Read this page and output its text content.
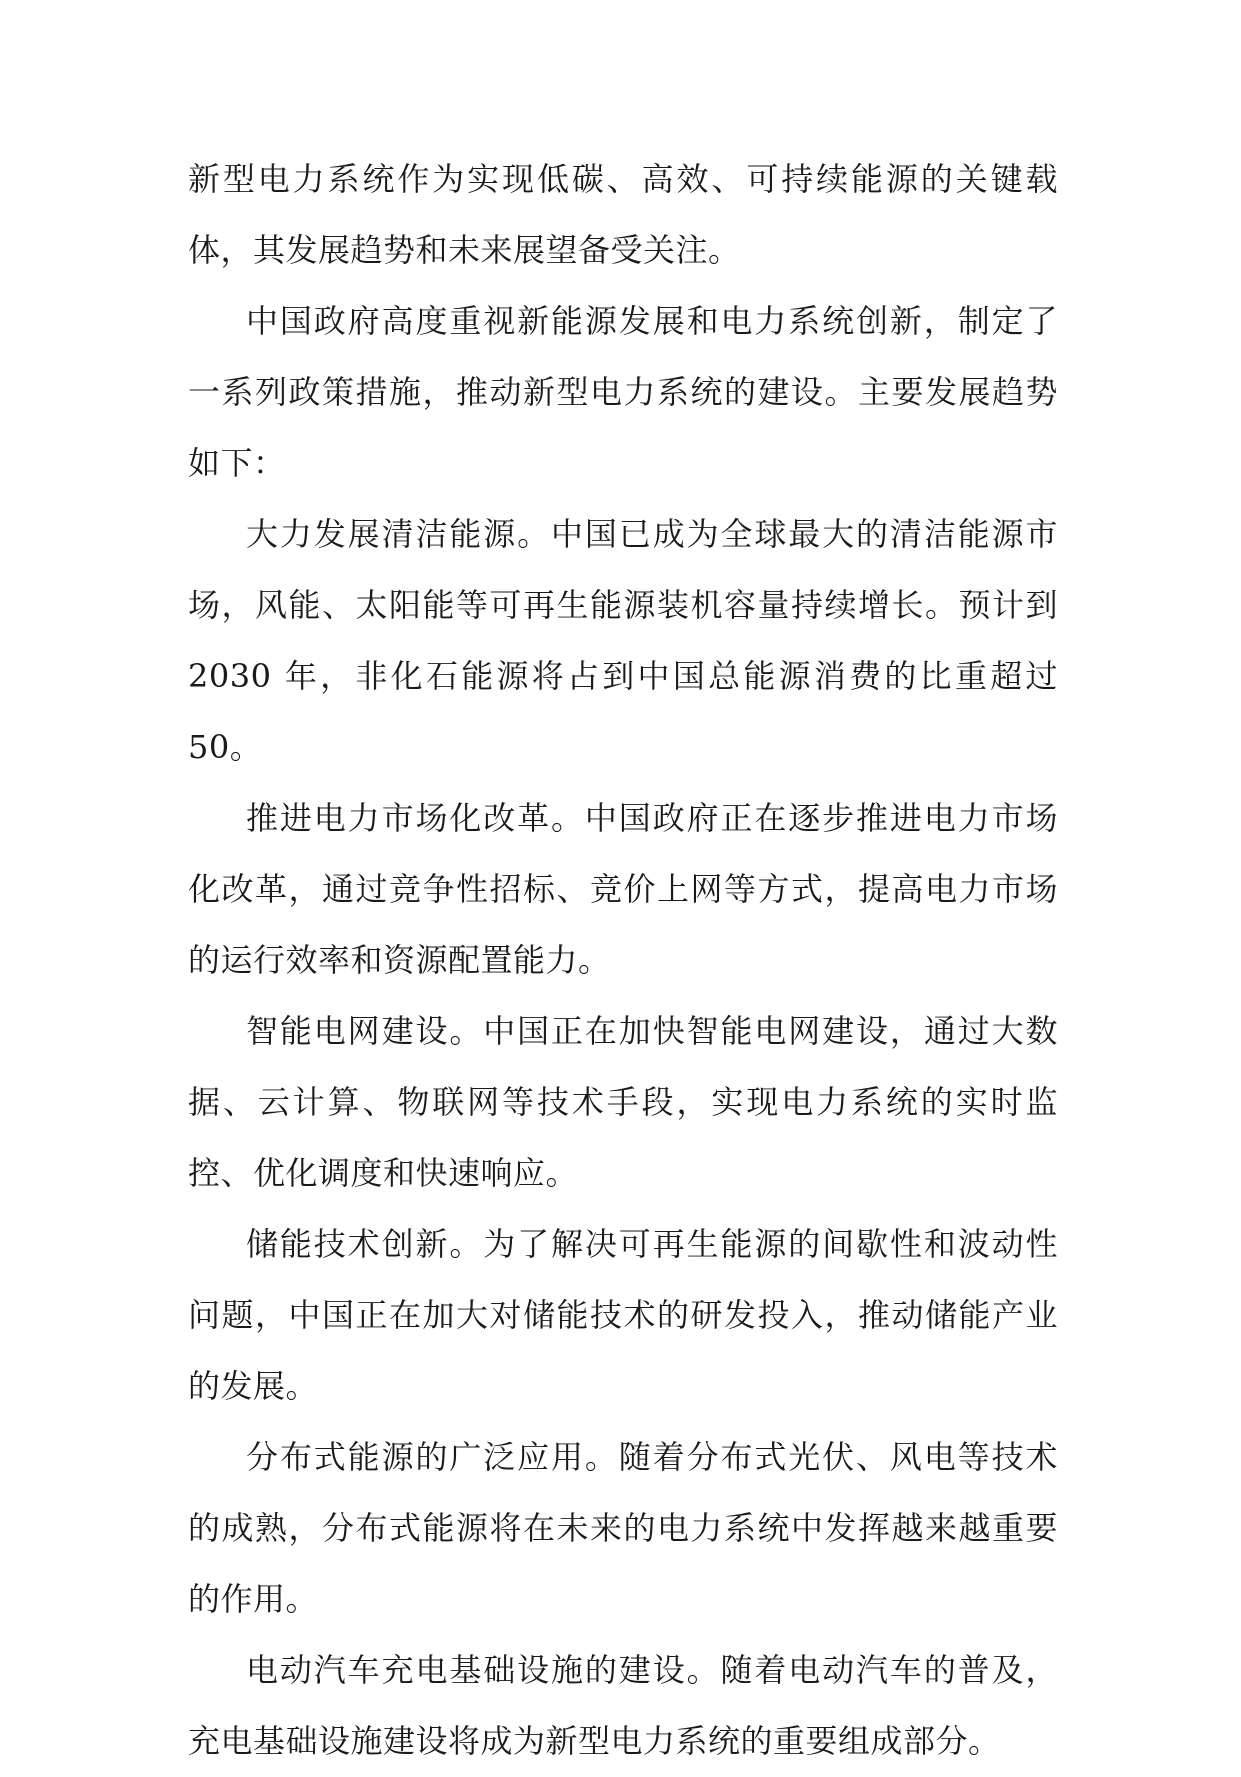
新型电力系统作为实现低碳、高效、可持续能源的关键载体，其发展趋势和未来展望备受关注。

中国政府高度重视新能源发展和电力系统创新，制定了一系列政策措施，推动新型电力系统的建设。主要发展趋势如下：

大力发展清洁能源。中国已成为全球最大的清洁能源市场，风能、太阳能等可再生能源装机容量持续增长。预计到 2030 年，非化石能源将占到中国总能源消费的比重超过 50。

推进电力市场化改革。中国政府正在逐步推进电力市场化改革，通过竞争性招标、竞价上网等方式，提高电力市场的运行效率和资源配置能力。

智能电网建设。中国正在加快智能电网建设，通过大数据、云计算、物联网等技术手段，实现电力系统的实时监控、优化调度和快速响应。

储能技术创新。为了解决可再生能源的间歇性和波动性问题，中国正在加大对储能技术的研发投入，推动储能产业的发展。

分布式能源的广泛应用。随着分布式光伏、风电等技术的成熟，分布式能源将在未来的电力系统中发挥越来越重要的作用。

电动汽车充电基础设施的建设。随着电动汽车的普及，充电基础设施建设将成为新型电力系统的重要组成部分。
